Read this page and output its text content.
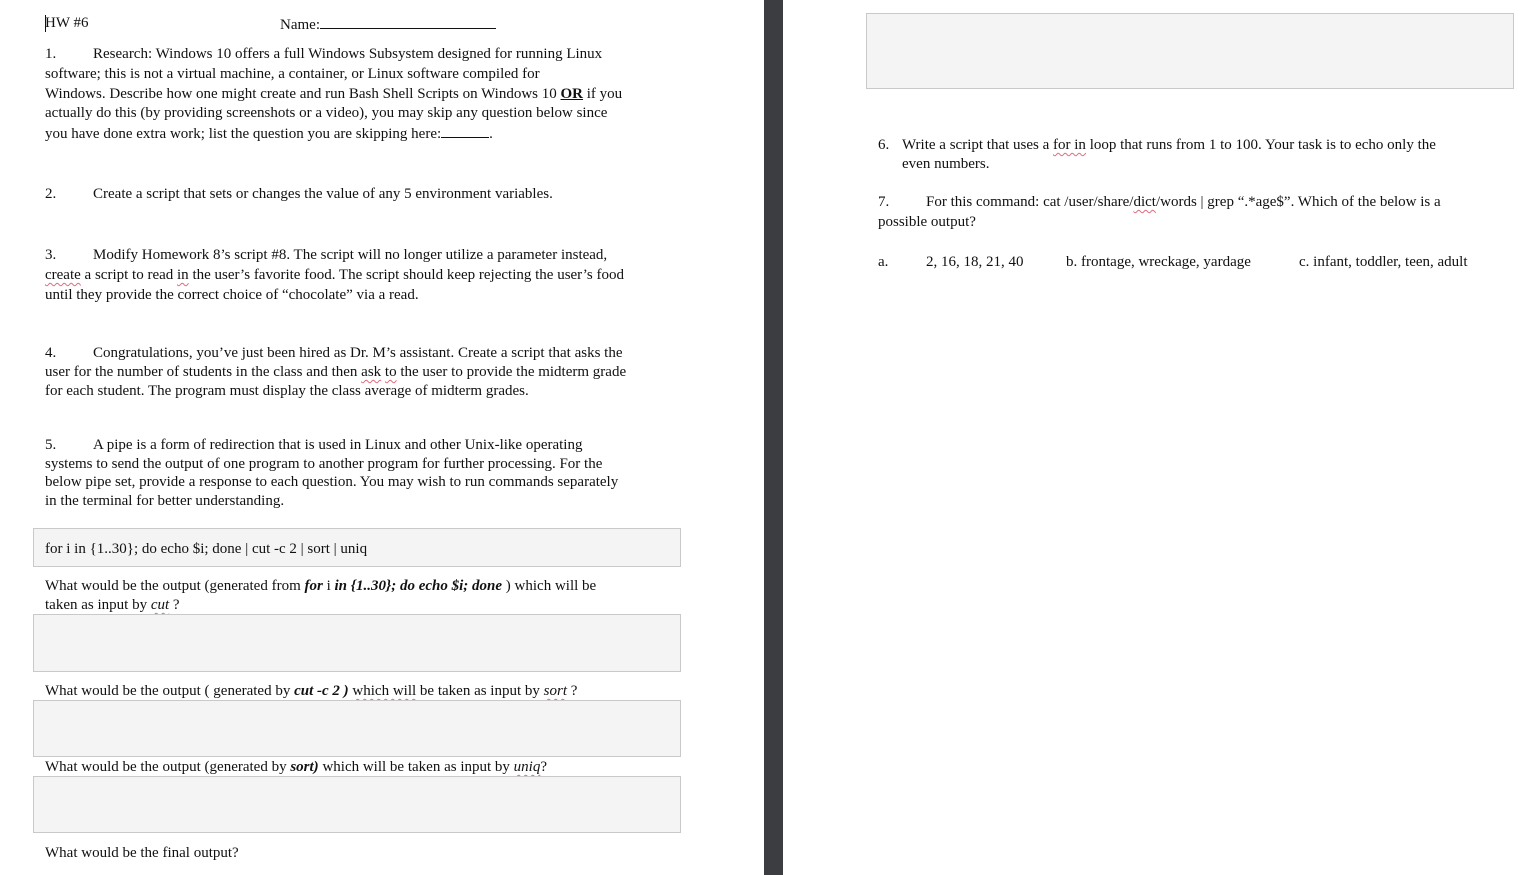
HW #6	Name:
1. Research: Windows 10 offers a full Windows Subsystem designed for running Linux
software; this is not a virtual machine, a container, or Linux software compiled for
Windows. Describe how one might create and run Bash Shell Scripts on Windows 10 OR if you
actually do this (by providing screenshots or a video), you may skip any question below since
you have done extra work; list the question you are skipping here:	.
2. Create a script that sets or changes the value of any 5 environment variables.
3. Modify Homework 8’s script #8. The script will no longer utilize a parameter instead,
create a script to read in the user’s favorite food. The script should keep rejecting the user’s food
until they provide the correct choice of “chocolate” via a read.
4. Congratulations, you’ve just been hired as Dr. M’s assistant. Create a script that asks the
user for the number of students in the class and then ask to the user to provide the midterm grade
for each student. The program must display the class average of midterm grades.
5. A pipe is a form of redirection that is used in Linux and other Unix-like operating
systems to send the output of one program to another program for further processing. For the
below pipe set, provide a response to each question. You may wish to run commands separately
in the terminal for better understanding.
for i in {1..30}; do echo $i; done | cut -c 2 | sort | uniq
What would be the output (generated from for i in {1..30}; do echo $i; done ) which will be
taken as input by cut ?
What would be the output ( generated by cut -c 2 ) which will be taken as input by sort ?
What would be the output (generated by sort) which will be taken as input by uniq?
What would be the final output?
6. Write a script that uses a for in loop that runs from 1 to 100. Your task is to echo only the
even numbers.
7. For this command: cat /user/share/dict/words | grep “.*age$”. Which of the below is a
possible output?
a.	2, 16, 18, 21, 40	b. frontage, wreckage, yardage	c. infant, toddler, teen, adult
